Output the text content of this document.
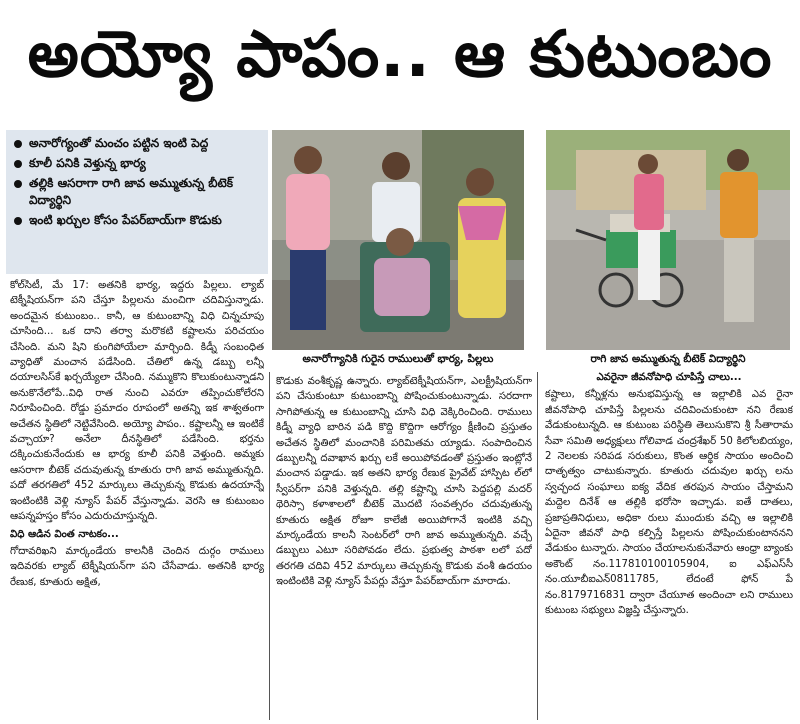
అయ్యో పాపం.. ఆ కుటుంబం
అనారోగ్యంతో మంచం పట్టిన ఇంటి పెద్ద
కూలీ పనికి వెళ్తున్న భార్య
తల్లికి ఆసరాగా రాగి జావ అమ్ముతున్న బీటెక్ విద్యార్థిని
ఇంటి ఖర్చుల కోసం పేపర్‌బాయ్‌గా కొడుకు
అనారోగ్యానికి గురైన రాములుతో భార్య, పిల్లలు	రాగి జావ అమ్ముతున్న బీటెక్ విద్యార్థిని

కోల్‌సిటీ, మే 17: అతనికి భార్య, ఇద్దరు పిల్లలు. ల్యాబ్ టెక్నీషియన్‌గా పని చేస్తూ పిల్లలను మంచిగా చదివిస్తున్నాడు. అందమైన కుటుంబం.. కానీ, ఆ కుటుంబాన్ని విధి చిన్నచూపు చూసింది... ఒక దాని తర్వా మరొకటి కష్టాలను పరిచయం చేసింది. మని షిని కుంగిపోయేలా మార్చింది. కిడ్నీ సంబంధిత వ్యాధితో మంచాన పడేసింది. చేతిలో ఉన్న డబ్బు లన్నీ దయాలసిస్‌కే ఖర్చయ్యేలా చేసింది. నమ్ముకొని కొలుకుంటున్నాడని అనుకొనేలోపే..విధి రాత నుంచి ఎవరూ తప్పించుకోలేరని నిరూపించింది. రోడ్డు ప్రమాదం రూపంలో అతన్ని ఇక శాశ్వతంగా అచేతన స్థితిలో నెట్టివేసింది. అయ్యో పాపం.. కష్టాలన్నీ ఆ ఇంటికే వచ్చాయా? అనేలా దీనస్థితిలో పడేసింది. భర్తను దక్కించుకునేందుకు ఆ భార్య కూలీ పనికి వెళ్తుంది. అమ్మకు ఆసరాగా బీటెక్ చదువుతున్న కూతురు రాగి జావ అమ్ముతున్నది. పదో తరగతిలో 452 మార్కులు తెచ్చుకున్న కొడుకు ఉదయాన్నే ఇంటింటికి వెళ్లి న్యూస్ పేపర్ వేస్తున్నాడు. వెరసి ఆ కుటుంబం ఆపన్నహస్తం కోసం ఎదురుచూస్తున్నది.

విధి ఆడిన వింత నాటకం...

గోదావరిఖని మార్కండేయ కాలనీకి చెందిన దుర్గం రాములు ఇదివరకు ల్యాబ్ టెక్నీషియన్‌గా పని చేసేవాడు. అతనికి భార్య రేణుక, కూతురు అక్షిత,

కొడుకు వంశీకృష్ణ ఉన్నారు. ల్యాబ్‌టెక్నీషియన్‌గా, ఎలక్ట్రీషియన్‌గా పని చేసుకుంటూ కుటుంబాన్ని పోషించుకుంటున్నాడు. సరదాగా సాగిపోతున్న ఆ కుటుంబాన్ని చూసి విధి వెక్కిరించింది. రాములు కిడ్నీ వ్యాధి బారిన పడి కొద్ది కొద్దిగా ఆరోగ్యం క్షీణించి ప్రస్తుతం అచేతన స్థితిలో మంచానికి పరిమితమ య్యాడు. సంపాదించిన డబ్బులన్నీ దవాఖాన ఖర్చు లకే అయిపోవడంతో ప్రస్తుతం ఇంట్లోనే మంచాన పడ్డాడు. ఇక అతని భార్య రేణుక ప్రైవేట్ హాస్పిట ల్‌లో స్వీపర్‌గా పనికి వెళ్తున్నది. తల్లి కష్టాన్ని చూసి పెద్దపల్లి మదర్ థెరిస్సా కళాశాలలో బీటెక్ మొదటి సంవత్సరం చదువుతున్న కూతురు అక్షిత రోజూ కాలేజీ అయిపోగానే ఇంటికి వచ్చి మార్కండేయ కాలనీ సెంటర్‌లో రాగి జావ అమ్ముతున్నది. వచ్చే డబ్బులు ఎటూ సరిపోవడం లేదు. ప్రభుత్వ పాఠశా లలో పదో తరగతి చదివి 452 మార్కులు తెచ్చుకున్న కొడుకు వంశీ ఉదయం ఇంటింటికి వెళ్లి న్యూస్ పేపర్లు వేస్తూ పేపర్‌బాయ్‌గా మారాడు.

ఎవరైనా జీవనోపాధి చూపిస్తే చాలు...

కష్టాలు, కన్నీళ్లను అనుభవిస్తున్న ఆ ఇల్లాలికి ఎవ రైనా జీవనోపాధి చూపిస్తే పిల్లలను చదివించుకుంటా నని రేణుక వేడుకుంటున్నది. ఆ కుటుంబ పరిస్థితి తెలుసుకొని శ్రీ సీతారామ సేవా సమితి అధ్యక్షులు గోలివాడ చంద్రశేఖర్ 50 కిలోలబియ్యం, 2 నెలలకు సరిపడ సరుకులు, కొంత ఆర్థిక సాయం అందించి దాతృత్వం చాటుకున్నారు. కూతురు చదువుల ఖర్చు లను స్వచ్ఛంద సంఘాలు ఐక్య వేదిక తరపున సాయం చేస్తామని మద్దెల దినేశ్ ఆ తల్లికి భరోసా ఇచ్చాడు. ఐతే దాతలు, ప్రజాప్రతినిధులు, అధికా రులు ముందుకు వచ్చి ఆ ఇల్లాలికి ఏదైనా జీవనో పాధి కల్పిస్తే పిల్లలను పోషించుకుంటాననని వేడుకుం టున్నారు. సాయం చేయాలనుకునేవారు ఆంధ్రా బ్యాంకు అకౌంట్ నం.117810100105904, ఐ ఎఫ్‌ఎస్‌సీ నం.యూబీఐఎన్0811785, లేదంటే ఫోన్ పే నం.8179716831 ద్వారా చేయూత అందించా లని రాములు కుటుంబ సభ్యులు విజ్ఞప్తి చేస్తున్నారు.
